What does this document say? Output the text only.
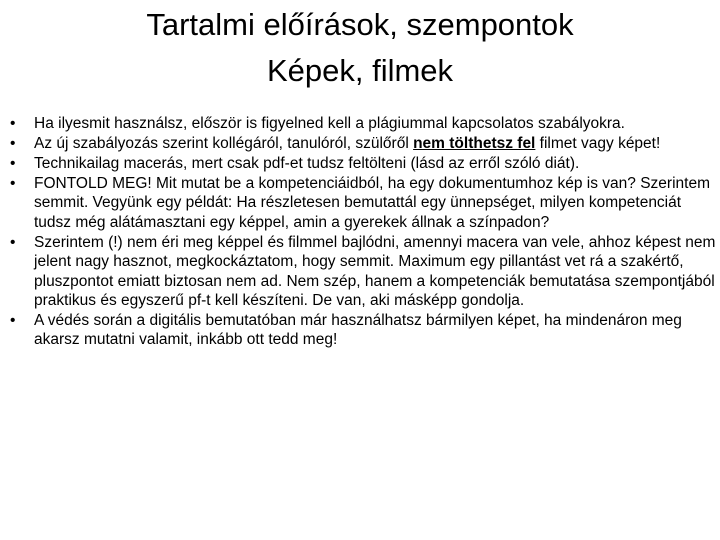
Tartalmi előírások, szempontok
Képek, filmek
• Ha ilyesmit használsz, először is figyelned kell a plágiummal kapcsolatos szabályokra.
• Az új szabályozás szerint kollégáról, tanulóról, szülőről nem tölthetsz fel filmet vagy képet!
• Technikailag macerás, mert csak pdf-et tudsz feltölteni (lásd az erről szóló diát).
• FONTOLD MEG! Mit mutat be a kompetenciáidból, ha egy dokumentumhoz kép is van? Szerintem semmit. Vegyünk egy példát: Ha részletesen bemutattál egy ünnepséget, milyen kompetenciát tudsz még alátámasztani egy képpel, amin a gyerekek állnak a színpadon?
• Szerintem (!) nem éri meg képpel és filmmel bajlódni, amennyi macera van vele, ahhoz képest nem jelent nagy hasznot, megkockáztatom, hogy semmit. Maximum egy pillantást vet rá a szakértő, pluszpontot emiatt biztosan nem ad. Nem szép, hanem a kompetenciák bemutatása szempontjából praktikus és egyszerű pf-t kell készíteni. De van, aki másképp gondolja.
• A védés során a digitális bemutatóban már használhatsz bármilyen képet, ha mindenáron meg akarsz mutatni valamit, inkább ott tedd meg!
